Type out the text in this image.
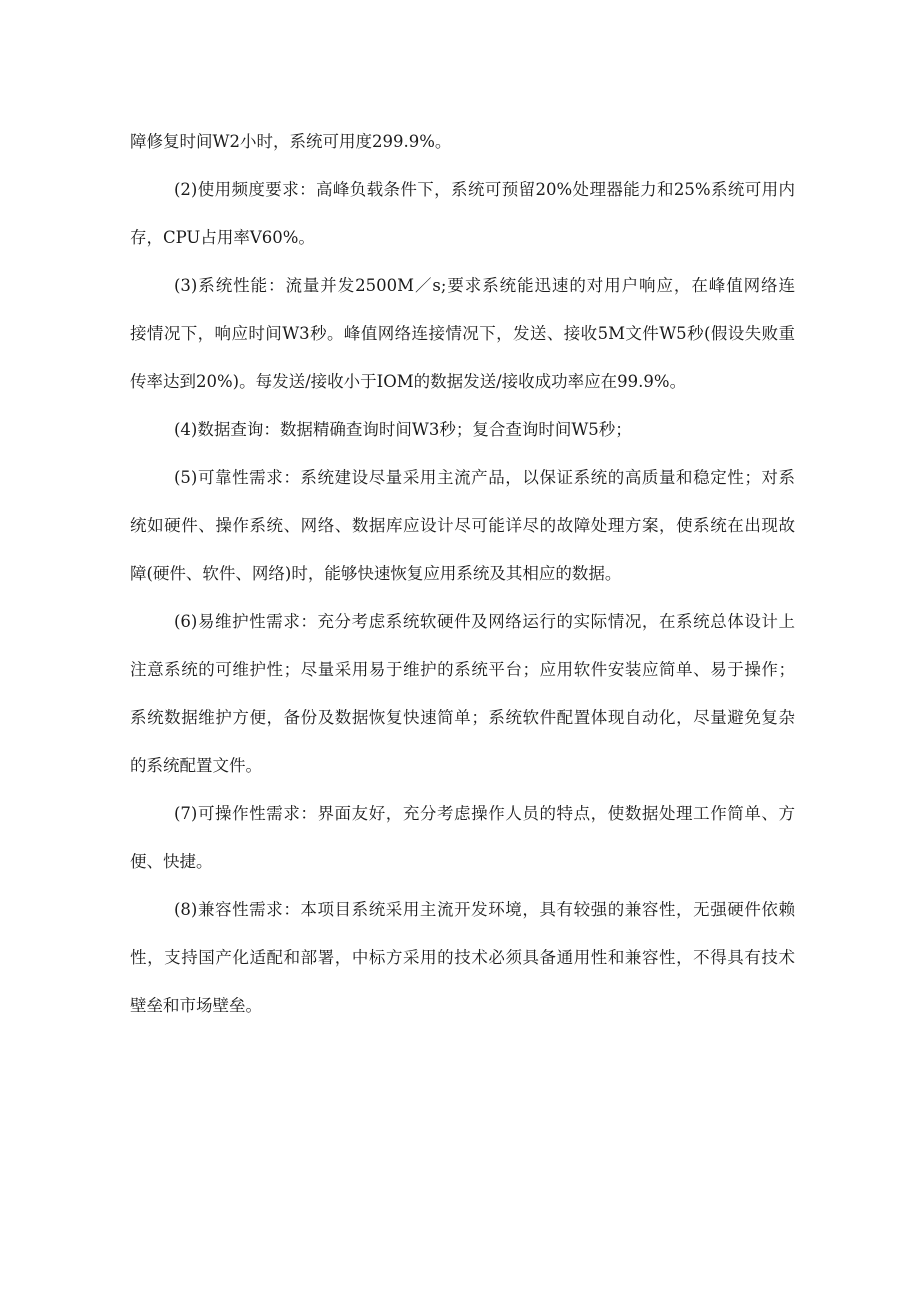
障修复时间W2小时，系统可用度299.9%。
(2)使用频度要求：高峰负载条件下，系统可预留20%处理器能力和25%系统可用内
存，CPU占用率V60%。
(3)系统性能：流量并发2500M／s;要求系统能迅速的对用户响应，在峰值网络连
接情况下，响应时间W3秒。峰值网络连接情况下，发送、接收5M文件W5秒(假设失败重
传率达到20%)。每发送/接收小于IOM的数据发送/接收成功率应在99.9%。
(4)数据查询：数据精确查询时间W3秒；复合查询时间W5秒；
(5)可靠性需求：系统建设尽量采用主流产品，以保证系统的高质量和稳定性；对系
统如硬件、操作系统、网络、数据库应设计尽可能详尽的故障处理方案，使系统在出现故
障(硬件、软件、网络)时，能够快速恢复应用系统及其相应的数据。
(6)易维护性需求：充分考虑系统软硬件及网络运行的实际情况，在系统总体设计上
注意系统的可维护性；尽量采用易于维护的系统平台；应用软件安装应简单、易于操作；
系统数据维护方便，备份及数据恢复快速简单；系统软件配置体现自动化，尽量避免复杂
的系统配置文件。
(7)可操作性需求：界面友好，充分考虑操作人员的特点，使数据处理工作简单、方
便、快捷。
(8)兼容性需求：本项目系统采用主流开发环境，具有较强的兼容性，无强硬件依赖
性，支持国产化适配和部署，中标方采用的技术必须具备通用性和兼容性，不得具有技术
壁垒和市场壁垒。
